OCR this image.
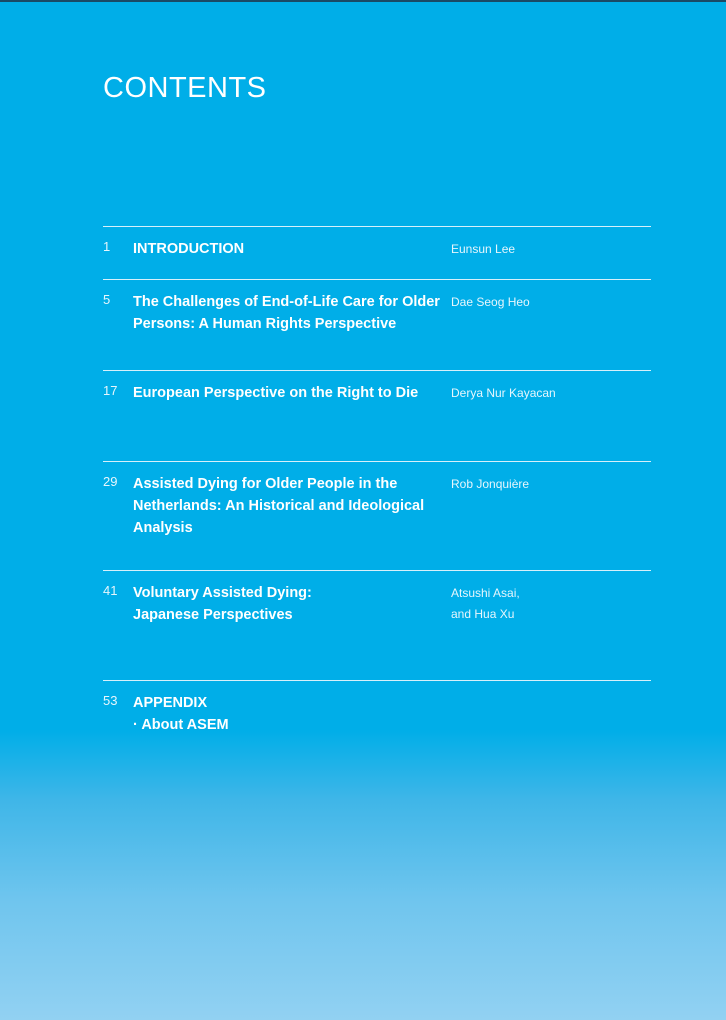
CONTENTS
1 INTRODUCTION	Eunsun Lee
5 The Challenges of End-of-Life Care for Older
Persons: A Human Rights Perspective
Dae Seog Heo
17 European Perspective on the Right to Die	Derya Nur Kayacan
29 Assisted Dying for Older People in the
Netherlands: An Historical and Ideological
Analysis
Rob Jonquière
41 Voluntary Assisted Dying:
Japanese Perspectives
Atsushi Asai,
and Hua Xu
53 APPENDIX
· About ASEM
